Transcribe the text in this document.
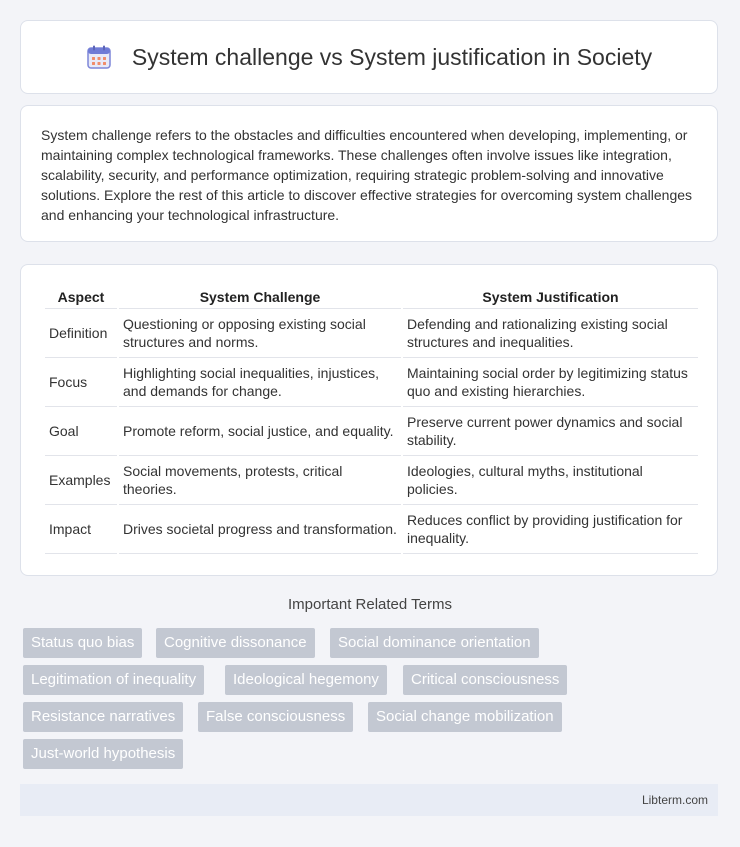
System challenge vs System justification in Society

System challenge refers to the obstacles and difficulties encountered when developing, implementing, or maintaining complex technological frameworks. These challenges often involve issues like integration, scalability, security, and performance optimization, requiring strategic problem-solving and innovative solutions. Explore the rest of this article to discover effective strategies for overcoming system challenges and enhancing your technological infrastructure.

Aspect	System Challenge	System Justification
Definition	Questioning or opposing existing social structures and norms.	Defending and rationalizing existing social structures and inequalities.
Focus	Highlighting social inequalities, injustices, and demands for change.	Maintaining social order by legitimizing status quo and existing hierarchies.
Goal	Promote reform, social justice, and equality.	Preserve current power dynamics and social stability.
Examples	Social movements, protests, critical theories.	Ideologies, cultural myths, institutional policies.
Impact	Drives societal progress and transformation.	Reduces conflict by providing justification for inequality.
Important Related Terms
Status quo bias	Cognitive dissonance	Social dominance orientation
Legitimation of inequality	Ideological hegemony	Critical consciousness
Resistance narratives	False consciousness	Social change mobilization
Just-world hypothesis
Libterm.com
